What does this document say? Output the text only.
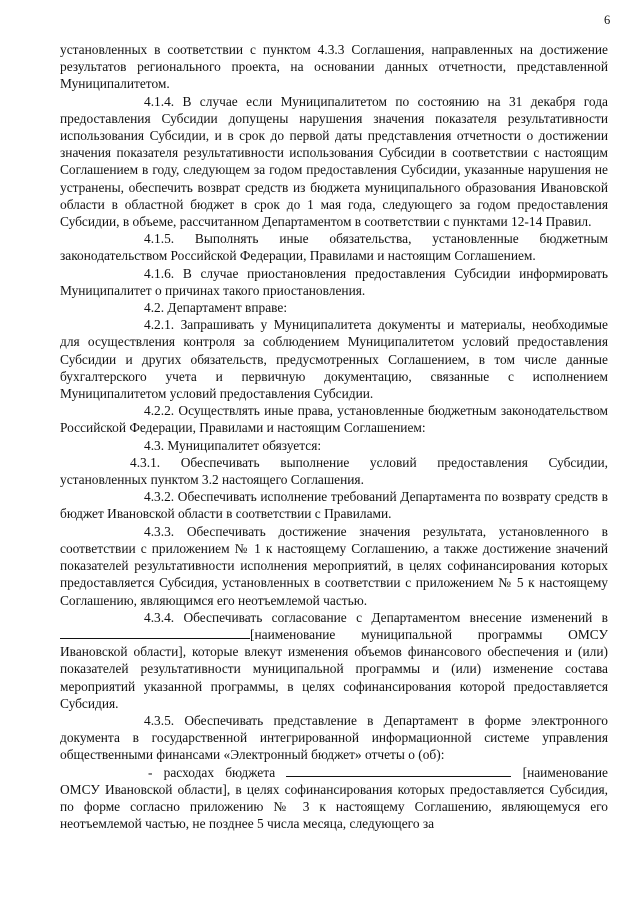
6

установленных в соответствии с пунктом 4.3.3 Соглашения, направленных на достижение результатов регионального проекта, на основании данных отчетности, представленной Муниципалитетом.

4.1.4. В случае если Муниципалитетом по состоянию на 31 декабря года предоставления Субсидии допущены нарушения значения показателя результативности использования Субсидии, и в срок до первой даты представления отчетности о достижении значения показателя результативности использования Субсидии в соответствии с настоящим Соглашением в году, следующем за годом предоставления Субсидии, указанные нарушения не устранены, обеспечить возврат средств из бюджета муниципального образования Ивановской области в областной бюджет в срок до 1 мая года, следующего за годом предоставления Субсидии, в объеме, рассчитанном Департаментом в соответствии с пунктами 12-14 Правил.

4.1.5. Выполнять иные обязательства, установленные бюджетным законодательством Российской Федерации, Правилами и настоящим Соглашением.

4.1.6. В случае приостановления предоставления Субсидии информировать Муниципалитет о причинах такого приостановления.

4.2. Департамент вправе:

4.2.1. Запрашивать у Муниципалитета документы и материалы, необходимые для осуществления контроля за соблюдением Муниципалитетом условий предоставления Субсидии и других обязательств, предусмотренных Соглашением, в том числе данные бухгалтерского учета и первичную документацию, связанные с исполнением Муниципалитетом условий предоставления Субсидии.

4.2.2. Осуществлять иные права, установленные бюджетным законодательством Российской Федерации, Правилами и настоящим Соглашением:

4.3. Муниципалитет обязуется:

4.3.1. Обеспечивать выполнение условий предоставления Субсидии, установленных пунктом 3.2 настоящего Соглашения.

4.3.2. Обеспечивать исполнение требований Департамента по возврату средств в бюджет Ивановской области в соответствии с Правилами.

4.3.3. Обеспечивать достижение значения результата, установленного в соответствии с приложением № 1 к настоящему Соглашению, а также достижение значений показателей результативности исполнения мероприятий, в целях софинансирования которых предоставляется Субсидия, установленных в соответствии с приложением № 5 к настоящему Соглашению, являющимся его неотъемлемой частью.

4.3.4. Обеспечивать согласование с Департаментом внесение изменений в[наименование муниципальной программы ОМСУ Ивановской области], которые влекут изменения объемов финансового обеспечения и (или) показателей результативности муниципальной программы и (или) изменение состава мероприятий указанной программы, в целях софинансирования которой предоставляется Субсидия.

4.3.5. Обеспечивать представление в Департамент в форме электронного документа в государственной интегрированной информационной системе управления общественными финансами «Электронный бюджет» отчеты о (об):

- расходах бюджета	[наименование ОМСУ Ивановской области], в целях софинансирования которых предоставляется Субсидия, по форме согласно приложению № 3 к настоящему Соглашению, являющемуся его неотъемлемой частью, не позднее 5 числа месяца, следующего за
